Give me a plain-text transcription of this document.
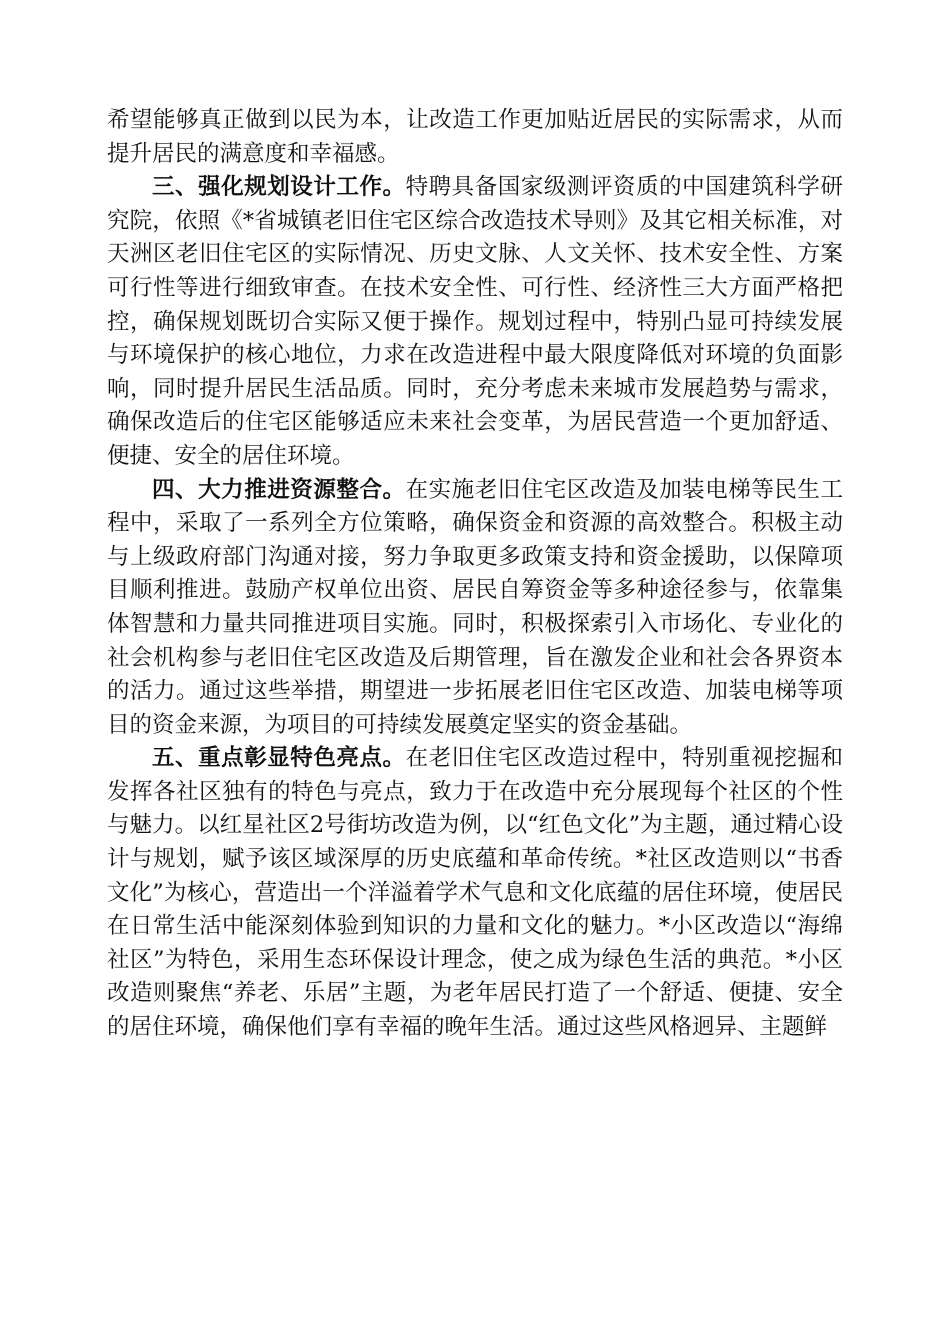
希望能够真正做到以民为本，让改造工作更加贴近居民的实际需求，从而提升居民的满意度和幸福感。

三、强化规划设计工作。特聘具备国家级测评资质的中国建筑科学研究院，依照《*省城镇老旧住宅区综合改造技术导则》及其它相关标准，对天洲区老旧住宅区的实际情况、历史文脉、人文关怀、技术安全性、方案可行性等进行细致审查。在技术安全性、可行性、经济性三大方面严格把控，确保规划既切合实际又便于操作。规划过程中，特别凸显可持续发展与环境保护的核心地位，力求在改造进程中最大限度降低对环境的负面影响，同时提升居民生活品质。同时，充分考虑未来城市发展趋势与需求，确保改造后的住宅区能够适应未来社会变革，为居民营造一个更加舒适、便捷、安全的居住环境。

四、大力推进资源整合。在实施老旧住宅区改造及加装电梯等民生工程中，采取了一系列全方位策略，确保资金和资源的高效整合。积极主动与上级政府部门沟通对接，努力争取更多政策支持和资金援助，以保障项目顺利推进。鼓励产权单位出资、居民自筹资金等多种途径参与，依靠集体智慧和力量共同推进项目实施。同时，积极探索引入市场化、专业化的社会机构参与老旧住宅区改造及后期管理，旨在激发企业和社会各界资本的活力。通过这些举措，期望进一步拓展老旧住宅区改造、加装电梯等项目的资金来源，为项目的可持续发展奠定坚实的资金基础。

五、重点彰显特色亮点。在老旧住宅区改造过程中，特别重视挖掘和发挥各社区独有的特色与亮点，致力于在改造中充分展现每个社区的个性与魅力。以红星社区2号街坊改造为例，以“红色文化”为主题，通过精心设计与规划，赋予该区域深厚的历史底蕴和革命传统。*社区改造则以“书香文化”为核心，营造出一个洋溢着学术气息和文化底蕴的居住环境，使居民在日常生活中能深刻体验到知识的力量和文化的魅力。*小区改造以“海绵社区”为特色，采用生态环保设计理念，使之成为绿色生活的典范。*小区改造则聚焦“养老、乐居”主题，为老年居民打造了一个舒适、便捷、安全的居住环境，确保他们享有幸福的晚年生活。通过这些风格迥异、主题鲜
